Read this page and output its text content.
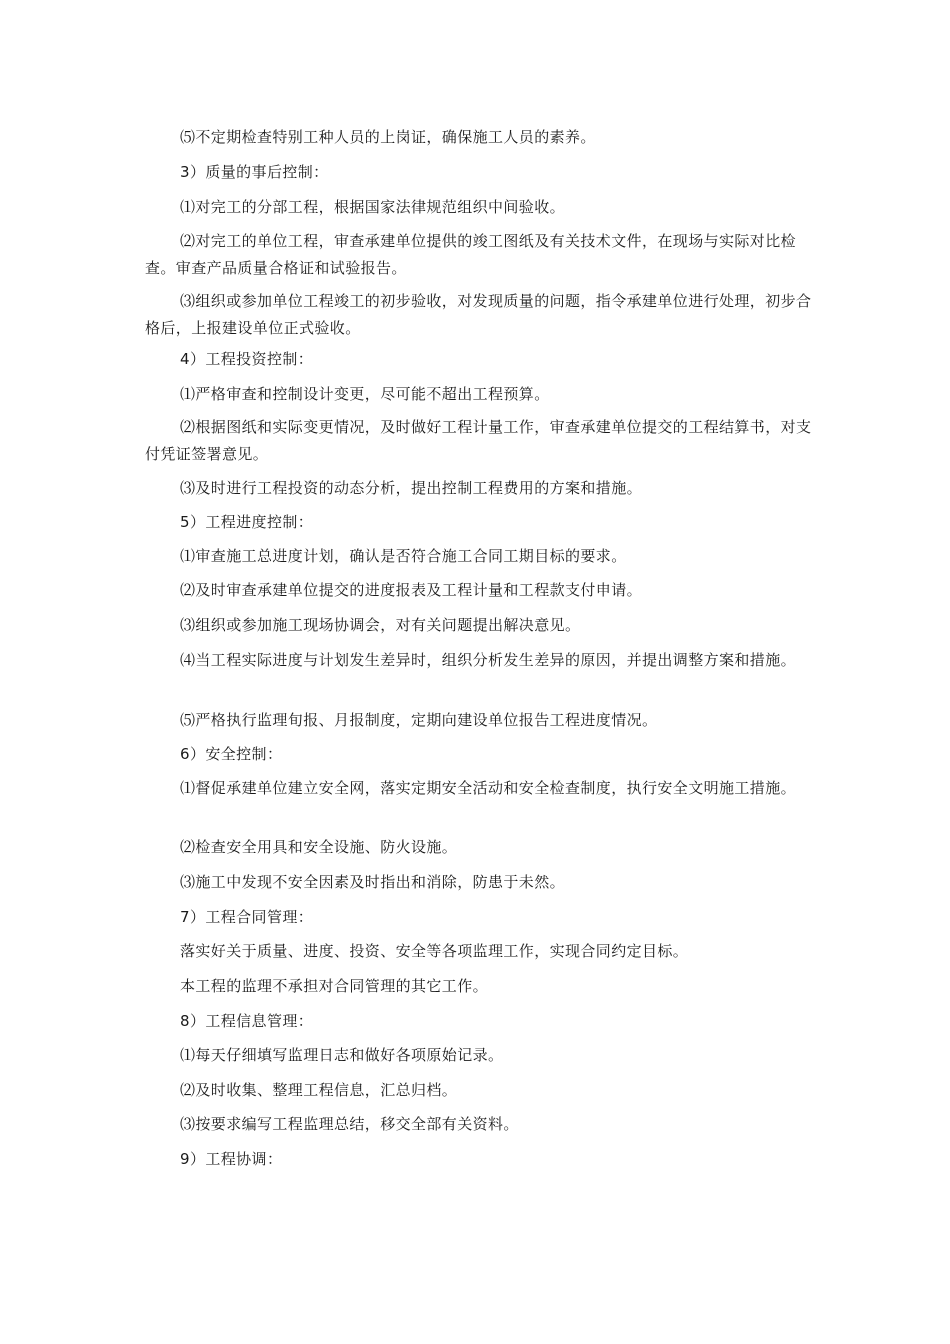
⑸不定期检查特别工种人员的上岗证，确保施工人员的素养。

3）质量的事后控制：

⑴对完工的分部工程，根据国家法律规范组织中间验收。

⑵对完工的单位工程，审查承建单位提供的竣工图纸及有关技术文件，在现场与实际对比检查。审查产品质量合格证和试验报告。

⑶组织或参加单位工程竣工的初步验收，对发现质量的问题，指令承建单位进行处理，初步合格后，上报建设单位正式验收。

4）工程投资控制：

⑴严格审查和控制设计变更，尽可能不超出工程预算。

⑵根据图纸和实际变更情况，及时做好工程计量工作，审查承建单位提交的工程结算书，对支付凭证签署意见。

⑶及时进行工程投资的动态分析，提出控制工程费用的方案和措施。

5）工程进度控制：

⑴审查施工总进度计划，确认是否符合施工合同工期目标的要求。

⑵及时审查承建单位提交的进度报表及工程计量和工程款支付申请。

⑶组织或参加施工现场协调会，对有关问题提出解决意见。

⑷当工程实际进度与计划发生差异时，组织分析发生差异的原因，并提出调整方案和措施。

⑸严格执行监理旬报、月报制度，定期向建设单位报告工程进度情况。

6）安全控制：

⑴督促承建单位建立安全网，落实定期安全活动和安全检查制度，执行安全文明施工措施。

⑵检查安全用具和安全设施、防火设施。

⑶施工中发现不安全因素及时指出和消除，防患于未然。

7）工程合同管理：

落实好关于质量、进度、投资、安全等各项监理工作，实现合同约定目标。

本工程的监理不承担对合同管理的其它工作。

8）工程信息管理：

⑴每天仔细填写监理日志和做好各项原始记录。

⑵及时收集、整理工程信息，汇总归档。

⑶按要求编写工程监理总结，移交全部有关资料。

9）工程协调：
